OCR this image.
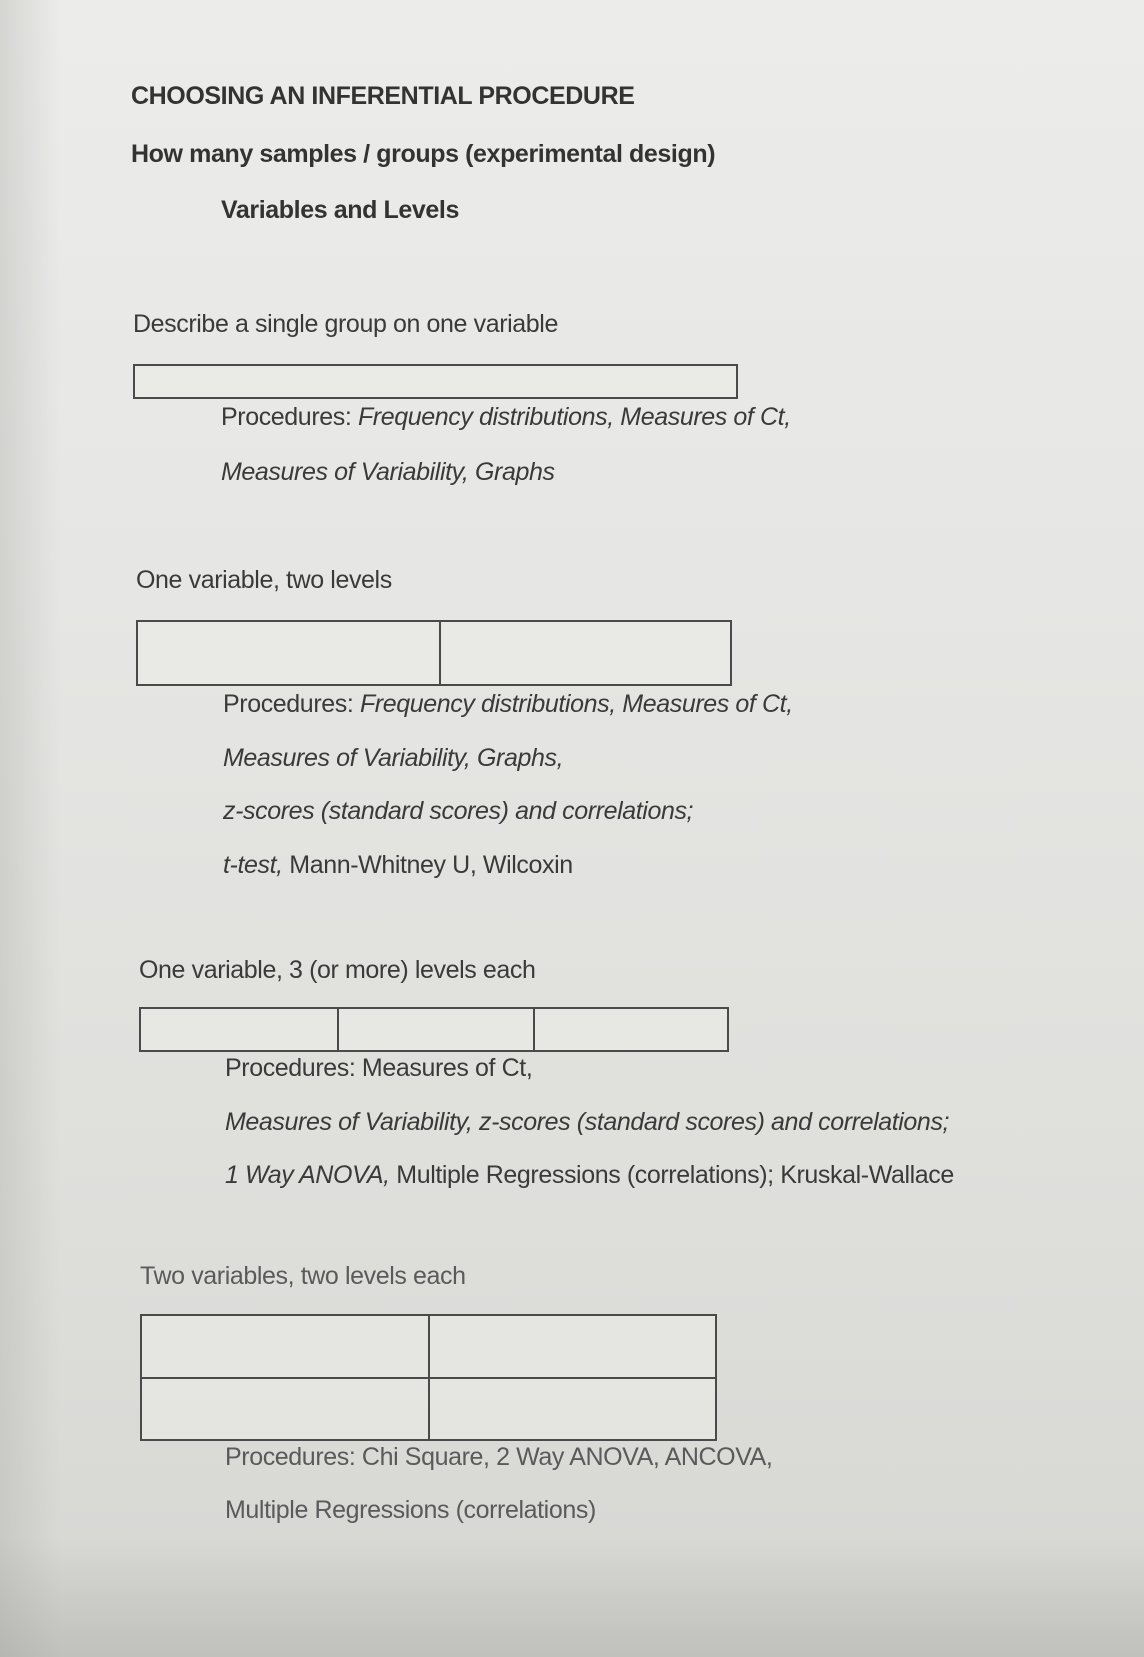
CHOOSING AN INFERENTIAL PROCEDURE
How many samples / groups (experimental design)
Variables and Levels
Describe a single group on one variable
Procedures: Frequency distributions, Measures of Ct,
Measures of Variability, Graphs
One variable, two levels
Procedures: Frequency distributions, Measures of Ct,
Measures of Variability, Graphs,
z-scores (standard scores) and correlations;
t-test, Mann-Whitney U, Wilcoxin
One variable, 3 (or more) levels each
Procedures: Measures of Ct,
Measures of Variability, z-scores (standard scores) and correlations;
1 Way ANOVA, Multiple Regressions (correlations); Kruskal-Wallace
Two variables, two levels each
Procedures: Chi Square, 2 Way ANOVA, ANCOVA,
Multiple Regressions (correlations)
